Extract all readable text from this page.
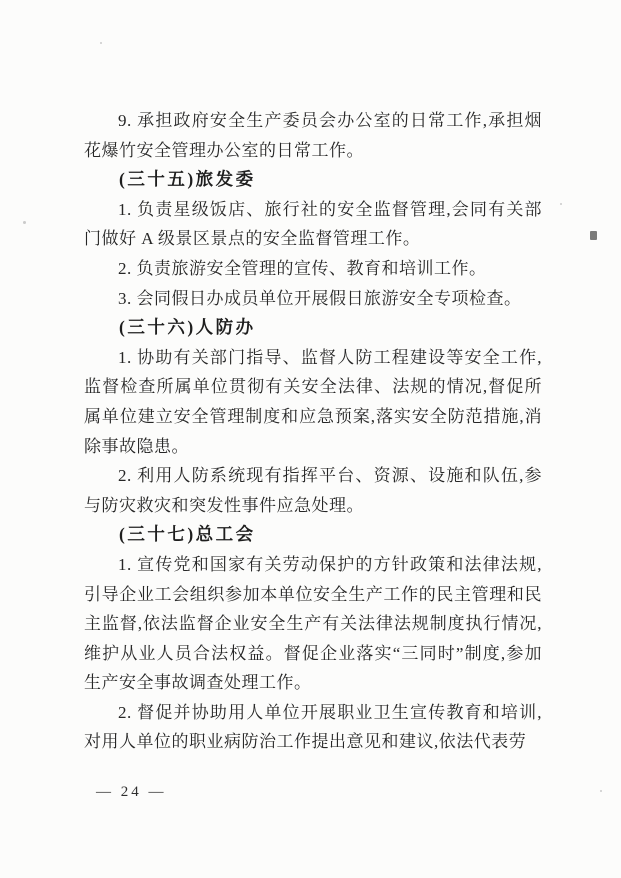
9. 承担政府安全生产委员会办公室的日常工作,承担烟花爆竹安全管理办公室的日常工作。

(三十五)旅发委

1. 负责星级饭店、旅行社的安全监督管理,会同有关部门做好 A 级景区景点的安全监督管理工作。

2. 负责旅游安全管理的宣传、教育和培训工作。

3. 会同假日办成员单位开展假日旅游安全专项检查。

(三十六)人防办

1. 协助有关部门指导、监督人防工程建设等安全工作,监督检查所属单位贯彻有关安全法律、法规的情况,督促所属单位建立安全管理制度和应急预案,落实安全防范措施,消除事故隐患。

2. 利用人防系统现有指挥平台、资源、设施和队伍,参与防灾救灾和突发性事件应急处理。

(三十七)总工会

1. 宣传党和国家有关劳动保护的方针政策和法律法规,引导企业工会组织参加本单位安全生产工作的民主管理和民主监督,依法监督企业安全生产有关法律法规制度执行情况,维护从业人员合法权益。督促企业落实“三同时”制度,参加生产安全事故调查处理工作。

2. 督促并协助用人单位开展职业卫生宣传教育和培训,对用人单位的职业病防治工作提出意见和建议,依法代表劳

— 24 —
